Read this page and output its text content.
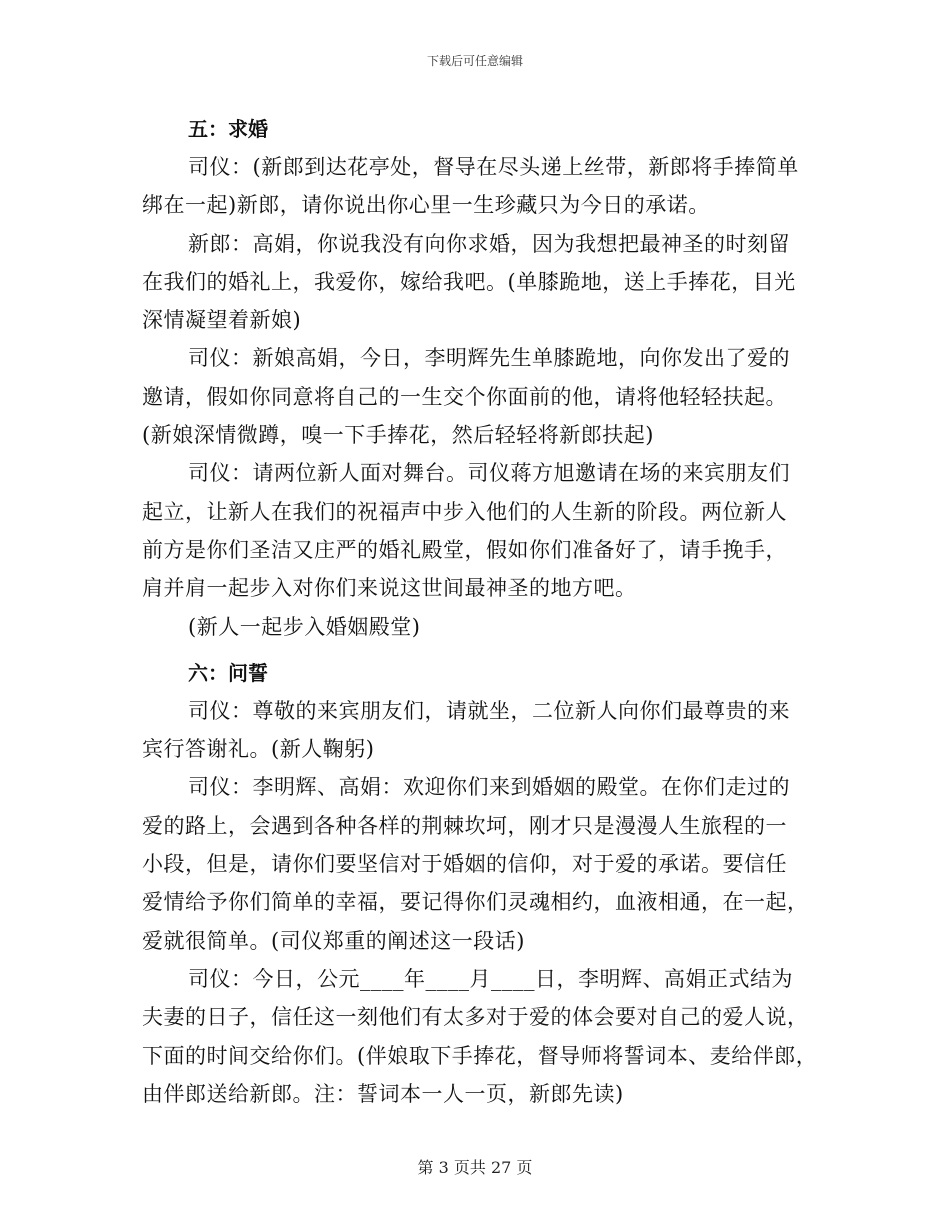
下载后可任意编辑
五：求婚

司仪：(新郎到达花亭处，督导在尽头递上丝带，新郎将手捧简单
绑在一起)新郎，请你说出你心里一生珍藏只为今日的承诺。

新郎：高娟，你说我没有向你求婚，因为我想把最神圣的时刻留
在我们的婚礼上，我爱你，嫁给我吧。(单膝跪地，送上手捧花，目光
深情凝望着新娘)

司仪：新娘高娟，今日，李明辉先生单膝跪地，向你发出了爱的
邀请，假如你同意将自己的一生交个你面前的他，请将他轻轻扶起。
(新娘深情微蹲，嗅一下手捧花，然后轻轻将新郎扶起)

司仪：请两位新人面对舞台。司仪蒋方旭邀请在场的来宾朋友们
起立，让新人在我们的祝福声中步入他们的人生新的阶段。两位新人
前方是你们圣洁又庄严的婚礼殿堂，假如你们准备好了，请手挽手，
肩并肩一起步入对你们来说这世间最神圣的地方吧。

(新人一起步入婚姻殿堂)

六：问誓

司仪：尊敬的来宾朋友们，请就坐，二位新人向你们最尊贵的来
宾行答谢礼。(新人鞠躬)

司仪：李明辉、高娟：欢迎你们来到婚姻的殿堂。在你们走过的
爱的路上，会遇到各种各样的荆棘坎坷，刚才只是漫漫人生旅程的一
小段，但是，请你们要坚信对于婚姻的信仰，对于爱的承诺。要信任
爱情给予你们简单的幸福，要记得你们灵魂相约，血液相通，在一起，
爱就很简单。(司仪郑重的阐述这一段话)

司仪：今日，公元____年____月____日，李明辉、高娟正式结为
夫妻的日子，信任这一刻他们有太多对于爱的体会要对自己的爱人说，
下面的时间交给你们。(伴娘取下手捧花，督导师将誓词本、麦给伴郎，
由伴郎送给新郎。注：誓词本一人一页，新郎先读)

第 3 页共 27 页
